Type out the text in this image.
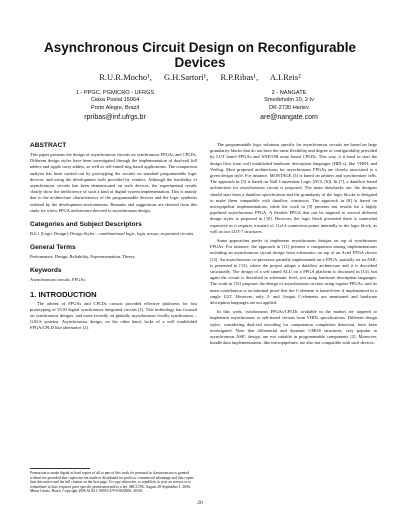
Asynchronous Circuit Design on Reconfigurable Devices
R.U.R.Mocho¹, G.H.Sartori¹, R.P.Ribas¹, A.I.Reis²
1 - PPGC, PGMICRO - UFRGS
Caixa Postal 15064
Porto Alegre, Brazil
rpribas@inf.ufrgs.br
2 - NANGATE
Smedeholm 10, 2 tv
DK-2730 Herlev
are@nangate.com
ABSTRACT

This paper presents the design of asynchronous circuits on synchronous FPGAs and CPLDs. Different design styles have been investigated through the implementation of dual-rail full adders and ripple carry adders, as well as self-timed ring based applications. The comparison analysis has been carried out by prototyping the circuits on standard programmable logic devices, and using the development tools provided by vendors. Although the feasibility of asynchronous circuits has been demonstrated on such devices, the experimental results clearly show the inefficiency of such a kind of digital system implementation. This is mainly due to the architecture characteristics of the programmable devices and the logic synthesis realized by the development environments. Remarks and suggestions are derived from this study for a new FPGA architecture devoted to asynchronous design.

Categories and Subject Descriptors

B.6.1 [Logic Design]: Design Styles – combinational logic, logic arrays, sequential circuits.

General Terms

Performance, Design, Reliability, Experimentation, Theory.

Keywords

Asynchronous circuits, FPGAs.

1. INTRODUCTION

The advent of FPGAs and CPLDs circuits provided effective platforms for fast prototyping of VLSI digital synchronous integrated circuits [1]. This technology has focused on synchronous designs, and more recently on globally asynchronous locally synchronous – GALS systems. Asynchronous design, on the other hand, lacks of a well established FPGA/CPLD like alternative [2].

Permission to make digital or hard copies of all or part of this work for personal or classroom use is granted without fee provided that copies are not made or distributed for profit or commercial advantage and that copies bear this notice and the full citation on the first page. To copy otherwise, or republish, to post on servers or to redistribute to lists, requires prior specific permission and/or a fee. SBCCI'06, August 28-September 1, 2006, Minas Gerais, Brazil. Copyright 2006 ACM 1-59593-479-0/06/0008...$5.00.

The programmable logic solutions specific for asynchronous circuits are based on large granularity blocks that do not have the same flexibility and degree of configurability provided by LUT based FPGAs and AND-OR array based CPLDs. This way, it is hard to start the design flow from well established hardware description languages (HDLs), like VHDL and Verilog. Most proposed architectures for asynchronous FPGAs are closely associated to a given design style. For instance, MONTAGE [3] is based on arbiters and synchronizer cells. The approach in [5] is based on Null Convention Logic (NCL [6]). In [7], a dataflow based architecture for asynchronous circuit is proposed. The main drawbacks are: the designer should start from a dataflow specification and the granularity of the logic blocks is designed to make them compatible with dataflow constructs. The approach in [8] is based on micropipeline implementations, while the work in [9] presents test results for a highly pipelined asynchronous FPGA. A flexible FPGA that can be targeted to several different design styles is proposed in [10]. However, the logic block presented there is somewhat expensive as it requires a matrix of 11x14 connection points internally to the logic block, as well as two LUT-7 structures.

Some approaches prefer to implement asynchronous designs on top of synchronous FPGAs. For instance, the approach in [11] presents a comparison among implementations including an asynchronous circuit design from schematics on top of an Actel FPGA device [12]. An asynchronous co-processor partially implemented on a FPGA, partially on an ASIC is presented in [13], where the project adopts a dataflow architecture and it is described structurally. The design of a self timed ALU on a FPGA platform is discussed in [14], but again the circuit is described in schematic level, not using hardware description languages. The work in [15] proposes the design of asynchronous circuits using regular FPGAs, and its main contribution is an informal proof that the C-element is hazard-free if implemented in a single LUT. However, only 2- and 3-input C-elements are mentioned and hardware description languages are not applied.

In this work, synchronous FPGAs/CPLDs available in the market are targeted to implement asynchronous or self-timed circuits from VHDL specifications. Different design styles, considering dual-rail encoding for computation completion detection, have been investigated. Note that differential and dynamic CMOS structures, very popular in asynchronous ASIC design, are not suitable in programmable components [2]. Moreover, bundle data implementations, like micropipelines, are also not compatible with such devices.

20
